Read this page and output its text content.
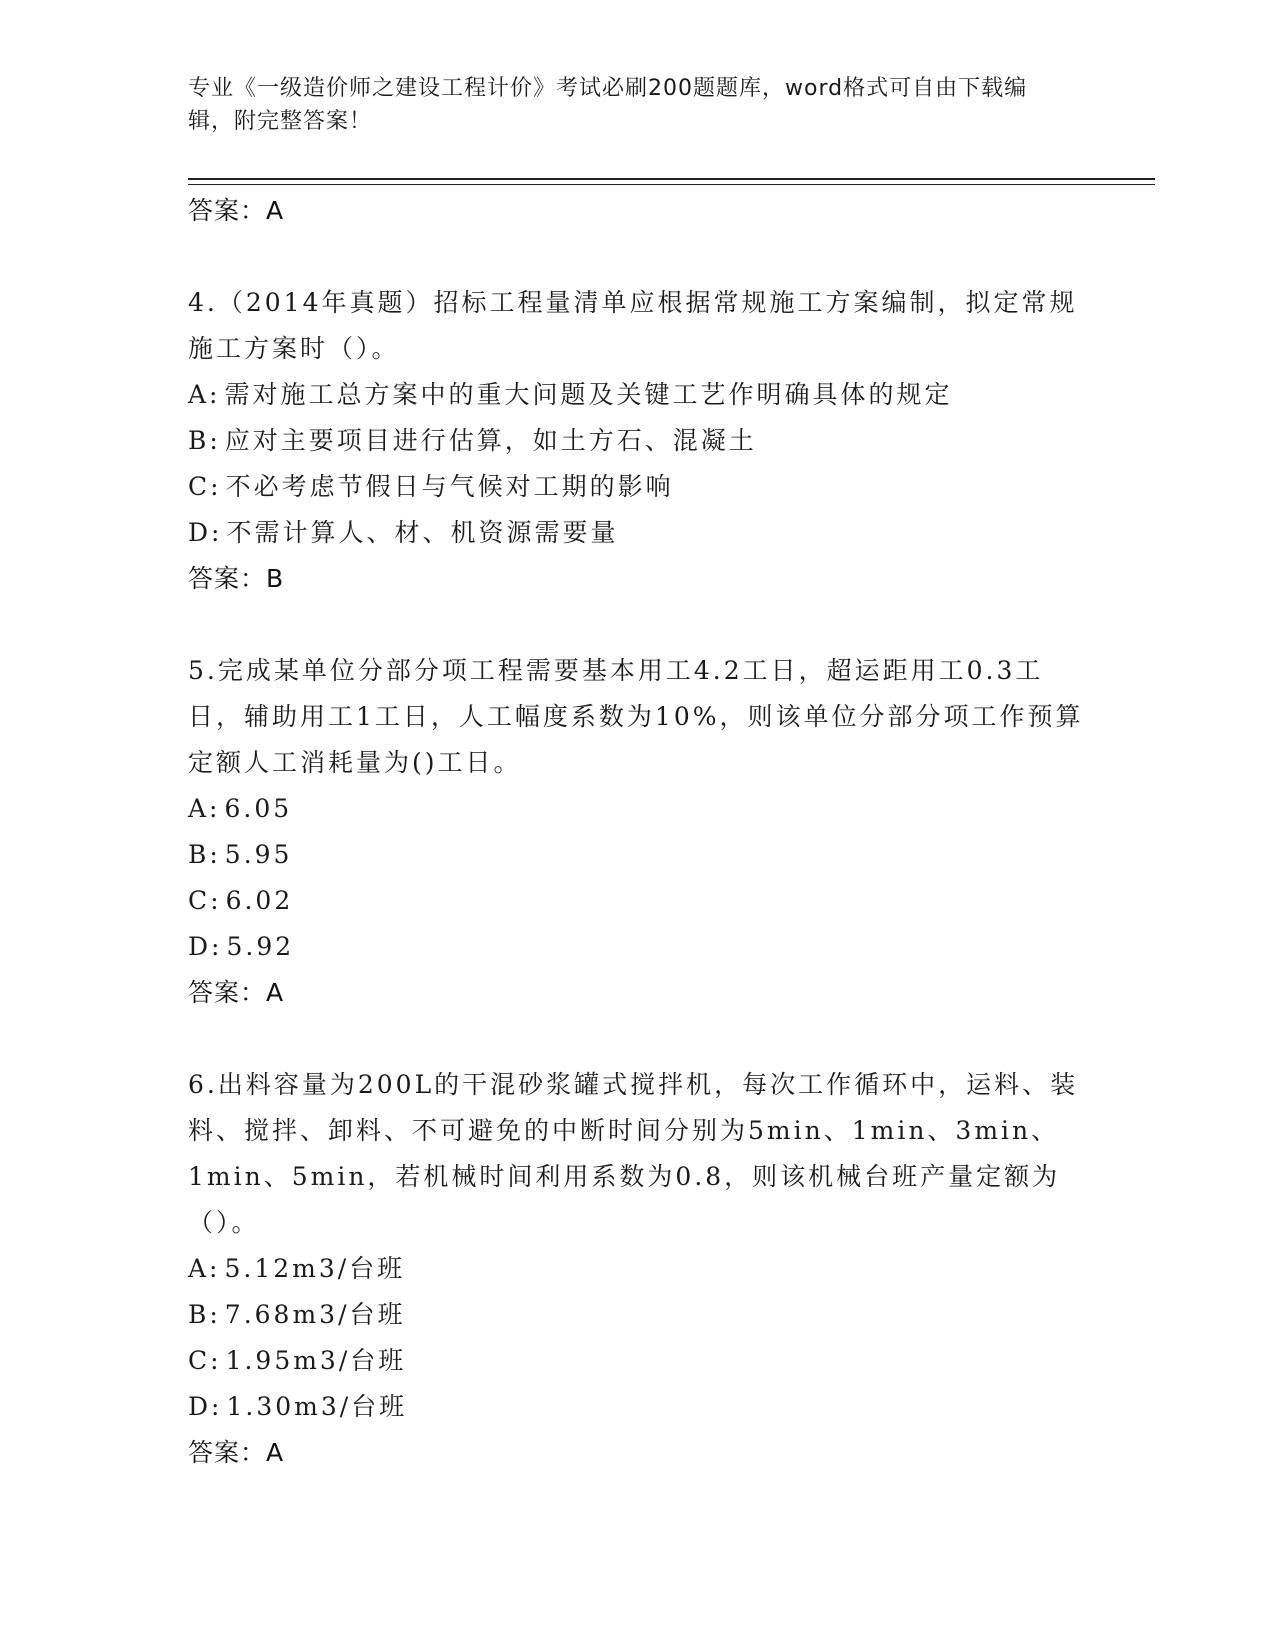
专业《一级造价师之建设工程计价》考试必刷200题题库，word格式可自由下载编辑，附完整答案！
答案：A
4.（2014年真题）招标工程量清单应根据常规施工方案编制，拟定常规施工方案时（）。
A: 需对施工总方案中的重大问题及关键工艺作明确具体的规定
B: 应对主要项目进行估算，如土方石、混凝土
C: 不必考虑节假日与气候对工期的影响
D: 不需计算人、材、机资源需要量
答案：B
5.完成某单位分部分项工程需要基本用工4.2工日，超运距用工0.3工日，辅助用工1工日，人工幅度系数为10%，则该单位分部分项工作预算定额人工消耗量为()工日。
A: 6.05
B: 5.95
C: 6.02
D: 5.92
答案：A
6.出料容量为200L的干混砂浆罐式搅拌机，每次工作循环中，运料、装料、搅拌、卸料、不可避免的中断时间分别为5min、1min、3min、1min、5min，若机械时间利用系数为0.8，则该机械台班产量定额为（）。
A: 5.12m3/台班
B: 7.68m3/台班
C: 1.95m3/台班
D: 1.30m3/台班
答案：A
